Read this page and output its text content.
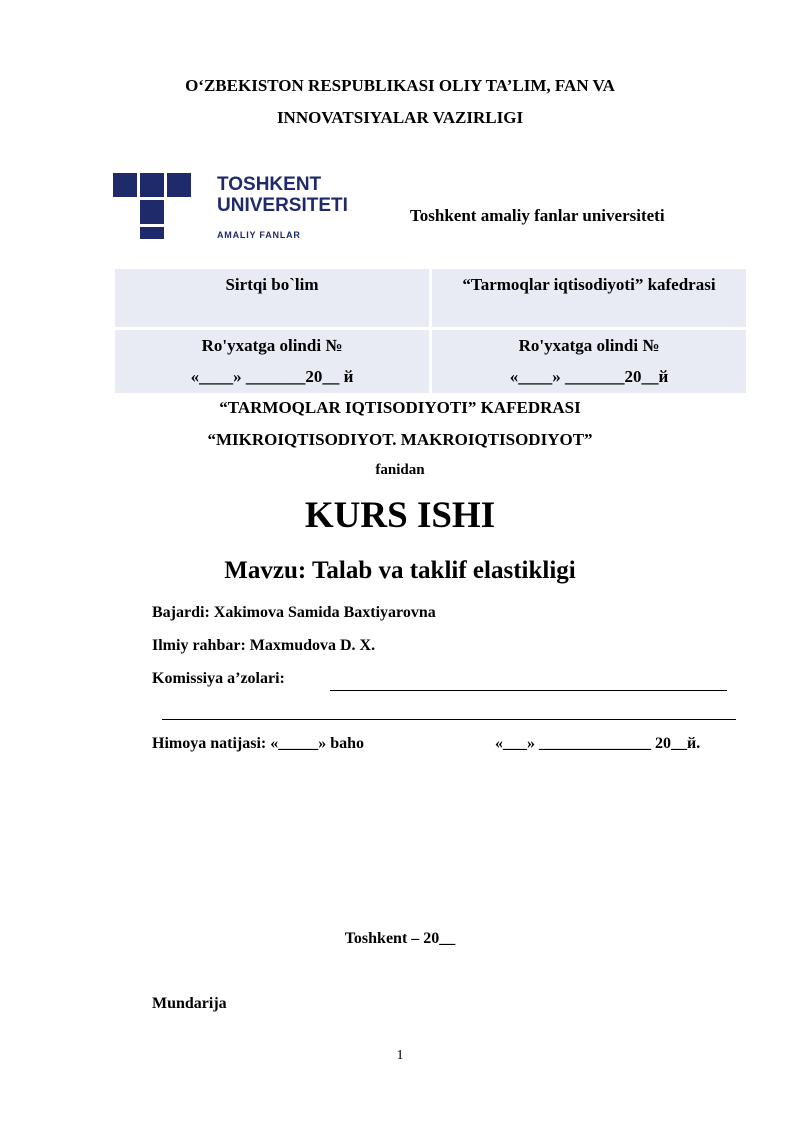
O‘ZBEKISTON RESPUBLIKASI OLIY TA’LIM, FAN VA
INNOVATSIYALAR VAZIRLIGI
TOSHKENT
UNIVERSITETI
AMALIY FANLAR
Toshkent amaliy fanlar universiteti
Sirtqi bo`lim	“Tarmoqlar iqtisodiyoti” kafedrasi
Ro'yxatga olindi №
«____» _______20__ й
Ro'yxatga olindi №
«____» _______20__й
“TARMOQLAR IQTISODIYOTI” KAFEDRASI
“MIKROIQTISODIYOT. MAKROIQTISODIYOT”
fanidan
KURS ISHI
Mavzu: Talab va taklif elastikligi
Bajardi: Xakimova Samida Baxtiyarovna
Ilmiy rahbar: Maxmudova D. X.
Komissiya a’zolari:
Himoya natijasi: «_____» baho	«___» ______________ 20__й.
Toshkent – 20__
Mundarija
1
